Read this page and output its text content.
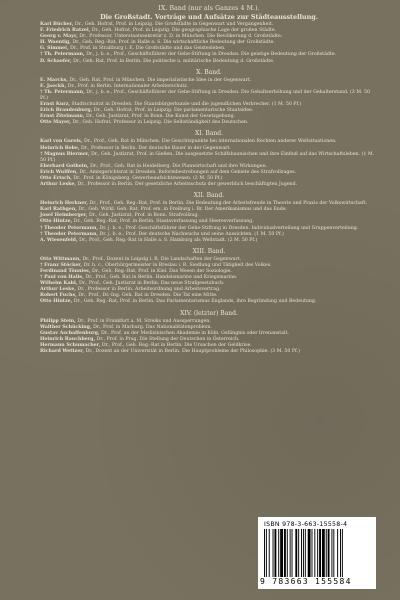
IX. Band (nur als Ganzes 4 M.).

Die Großstadt. Vorträge und Aufsätze zur Städteausstellung.

Karl Bücher, Dr., Geh. Hofrat, Prof. in Leipzig. Die Großstädte in Gegenwart und Vergangenheit.
F. Friedrich Ratzel, Dr., Geh. Hofrat, Prof. in Leipzig. Die geographische Lage der großen Städte.
Georg v. Mayr, Dr., Professor, Unterstaatssekretär z. D. in München. Die Bevölkerung d. Großstädte.
H. Waentig, Dr., Geh. Reg.-Rat, Prof. in Halle a. S. Die wirtschaftliche Bedeutung der Großstädte.
G. Simmel, Dr., Prof. in Straßburg i. E. Die Großstädte und das Geistesleben.
† Th. Petermann, Dr., j. b. e., Prof., Geschäftsführer der Gehe-Stiftung in Dresden. Die geistige Bedeutung der Großstädte.
D. Schaefer, Dr., Geh. Rat, Prof. in Berlin. Die politische u. militärische Bedeutung d. Großstädte.

X. Band.

E. Marcks, Dr., Geh. Rat, Prof. in München. Die imperialistische Idee in der Gegenwart.
E. Jaeckh, Dr., Prof. in Berlin. Internationaler Arbeiterschutz.
† Th. Petermann, Dr., j. b. e., Prof., Geschäftsführer der Gehe-Stiftung in Dresden. Die Gehaltserhöhung und der Gehalterstand. (3 M. 50 Pf.)
Ernst Kurz, Stadtschulrat in Dresden. Die Staatsbürgerkunde und die jugendlichen Verbrecher. (1 M. 50 Pf.)
Erich Brandenburg, Dr., Geh. Hofrat, Prof. in Leipzig. Die parlamentarische Staatsidee.
Ernst Zitelmann, Dr., Geh. Justizrat, Prof. in Bonn. Die Kunst der Gesetzgebung.
Otto Mayer, Dr., Geh. Hofrat, Professor in Leipzig. Die Selbständigkeit des Deutschen.

XI. Band.

Karl von Gareis, Dr., Prof., Geh. Rat in München. Die Gesichtspunkte bei internationalen Rechten anderer Weltsituationen.
Heinrich Rebe, Dr., Professor in Berlin. Der deutsche Bauer in der Gegenwart.
† Magnus Biermer, Dr., Geh. Justizrat, Prof. in Gießen. Die ausgesetzte Schiffsbaunischen und ihre Einfluß auf das Wirtschaftsleben. (1 M. 50 Pf.)
Eberhard Gothein, Dr., Prof., Geh. Rat in Heidelberg. Die Planwirtschaft und ihre Wirkungen.
Erich Wulffen, Dr., Amtsgerichtsrat in Dresden. Reformbestrebungen auf dem Gebiete des Strafvollzuges.
Otto Ertsch, Dr., Prof. in Königsberg. Gewerbeaufsichtswesen. (2 M. 50 Pf.)
Arthur Leske, Dr., Professor in Berlin. Der gesetzliche Arbeitsschutz der gewerblich beschäftigten Jugend.

XII. Band.

Heinrich Herkner, Dr., Prof., Geh. Reg.-Rat, Prof. in Berlin. Die Bedeutung der Arbeitsfreude in Theorie und Praxis der Volkswirtschaft.
Karl Rathgen, Dr., Geh. Wirkl. Geh. Rat, Prof. em. in Freiburg i. Br. Der Amerikanismus und das Ende.
Josef Heimberger, Dr., Geh. Justizrat, Prof. in Bonn. Strafvollzug.
Otto Hintze, Dr., Geh. Reg.-Rat, Prof. in Berlin. Staatsverfassung und Heeresverfassung.
† Theodor Petermann, Dr. j. b. e., Prof. Geschäftsführer der Gehe-Stiftung in Dresden. Individualverteilung und Gruppenverteilung.
† Theodor Petermann, Dr. j. b. e., Prof. Der deutsche Nachwuchs und seine Aussichten. (1 M. 50 Pf.)
A. Wiesenfeld, Dr., Prof., Geh. Reg.-Rat in Halle a. S. Hamburg als Weltstadt. (2 M. 50 Pf.)

XIII. Band.

Otto Wittmann, Dr., Prof., Dozent in Leipzig i. R. Die Landschaften der Gegenwart.
† Franz Stöcker, Dr. h. c., Oberbürgermeister in Breslau i. R. Siedlung und Tätigkeit des Volkes.
Ferdinand Tönnies, Dr., Geh. Reg.-Rat, Prof. in Kiel. Das Wesen der Soziologie.
† Paul von Halle, Dr., Prof., Geh. Rat in Berlin. Handelsmarine und Kriegsmarine.
Wilhelm Kahl, Dr., Prof., Geh. Justizrat in Berlin. Das neue Strafgesetzbuch.
Arthur Leske, Dr., Professor in Berlin. Arbeitsordnung und Arbeitsvertrag.
Robert Fuchs, Dr., Prof., Dr.-Ing. Geh. Rat in Dresden. Die Tat eine Mitte.
Otto Hintze, Dr., Geh. Reg.-Rat, Prof. in Berlin. Das Parlamentarismus Englands, ihre Begründung und Bedeutung.

XIV. (letzter) Band.

Philipp Stein, Dr., Prof. in Frankfurt a. M. Streiks und Aussperrungen.
Walther Schücking, Dr., Prof. in Marburg. Das Nationalitätenproblem.
Gustav Aschaffenburg, Dr., Prof. an der Medizinischen Akademie in Köln. Gefängnis oder Irrenanstalt.
Heinrich Rauchberg, Dr., Prof. in Prag. Die Stellung der Deutschen in Österreich.
Hermann Schumacher, Dr., Prof., Geh. Reg.-Rat in Berlin. Die Ursachen der Geldkrise.
Richard Wettzer, Dr., Dozent an der Universität in Berlin. Die Hauptprobleme der Philosophie. (3 M. 50 Pf.)
ISBN 978-3-663-15558-4
9 783663 155584
